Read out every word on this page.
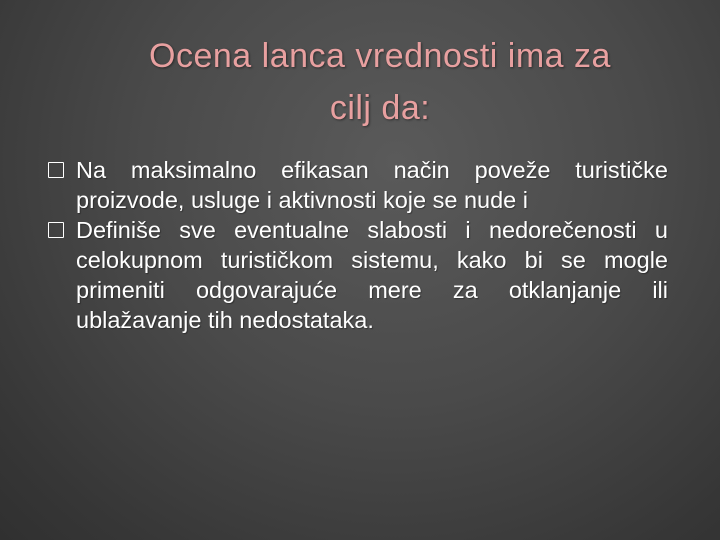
Ocena lanca vrednosti ima za
cilj da:
Na maksimalno efikasan način poveže turističke proizvode, usluge i aktivnosti koje se nude i
Definiše sve eventualne slabosti i nedorečenosti u celokupnom turističkom sistemu, kako bi se mogle primeniti odgovarajuće mere za otklanjanje ili ublažavanje tih nedostataka.
